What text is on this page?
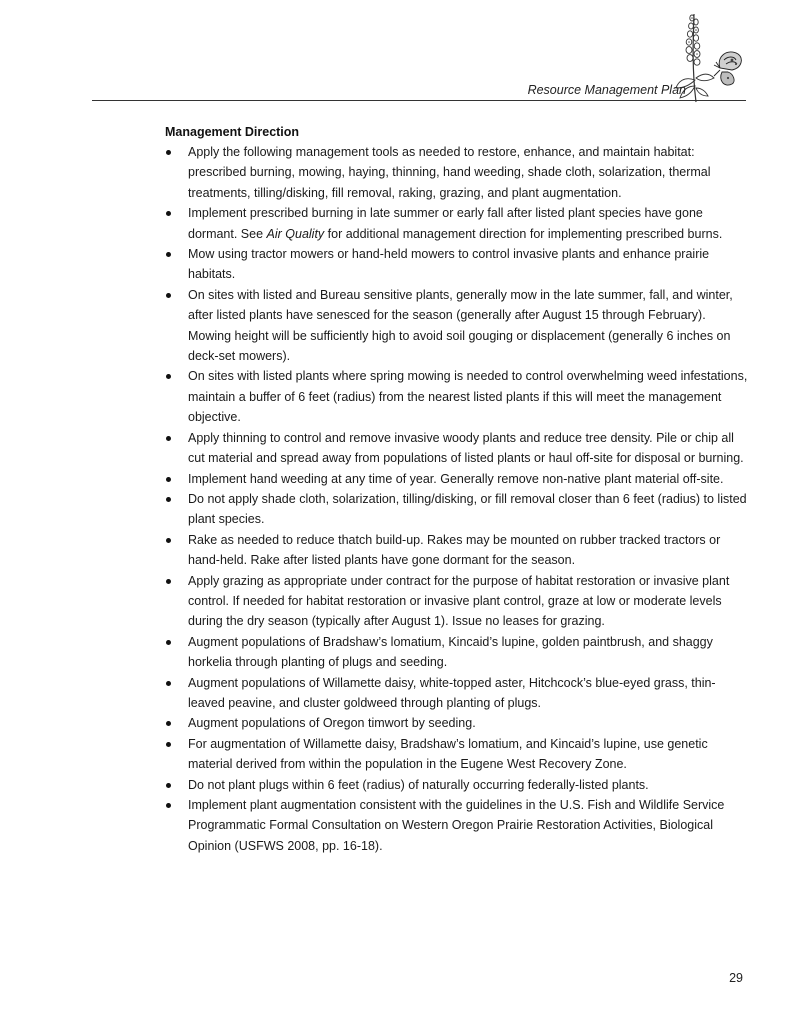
Resource Management Plan
Management Direction
Apply the following management tools as needed to restore, enhance, and maintain habitat: prescribed burning, mowing, haying, thinning, hand weeding, shade cloth, solarization, thermal treatments, tilling/disking, fill removal, raking, grazing, and plant augmentation.
Implement prescribed burning in late summer or early fall after listed plant species have gone dormant. See Air Quality for additional management direction for implementing prescribed burns.
Mow using tractor mowers or hand-held mowers to control invasive plants and enhance prairie habitats.
On sites with listed and Bureau sensitive plants, generally mow in the late summer, fall, and winter, after listed plants have senesced for the season (generally after August 15 through February). Mowing height will be sufficiently high to avoid soil gouging or displacement (generally 6 inches on deck-set mowers).
On sites with listed plants where spring mowing is needed to control overwhelming weed infestations, maintain a buffer of 6 feet (radius) from the nearest listed plants if this will meet the management objective.
Apply thinning to control and remove invasive woody plants and reduce tree density. Pile or chip all cut material and spread away from populations of listed plants or haul off-site for disposal or burning.
Implement hand weeding at any time of year. Generally remove non-native plant material off-site.
Do not apply shade cloth, solarization, tilling/disking, or fill removal closer than 6 feet (radius) to listed plant species.
Rake as needed to reduce thatch build-up. Rakes may be mounted on rubber tracked tractors or hand-held. Rake after listed plants have gone dormant for the season.
Apply grazing as appropriate under contract for the purpose of habitat restoration or invasive plant control. If needed for habitat restoration or invasive plant control, graze at low or moderate levels during the dry season (typically after August 1). Issue no leases for grazing.
Augment populations of Bradshaw’s lomatium, Kincaid’s lupine, golden paintbrush, and shaggy horkelia through planting of plugs and seeding.
Augment populations of Willamette daisy, white-topped aster, Hitchcock’s blue-eyed grass, thin-leaved peavine, and cluster goldweed through planting of plugs.
Augment populations of Oregon timwort by seeding.
For augmentation of Willamette daisy, Bradshaw’s lomatium, and Kincaid’s lupine, use genetic material derived from within the population in the Eugene West Recovery Zone.
Do not plant plugs within 6 feet (radius) of naturally occurring federally-listed plants.
Implement plant augmentation consistent with the guidelines in the U.S. Fish and Wildlife Service Programmatic Formal Consultation on Western Oregon Prairie Restoration Activities, Biological Opinion (USFWS 2008, pp. 16-18).
29
